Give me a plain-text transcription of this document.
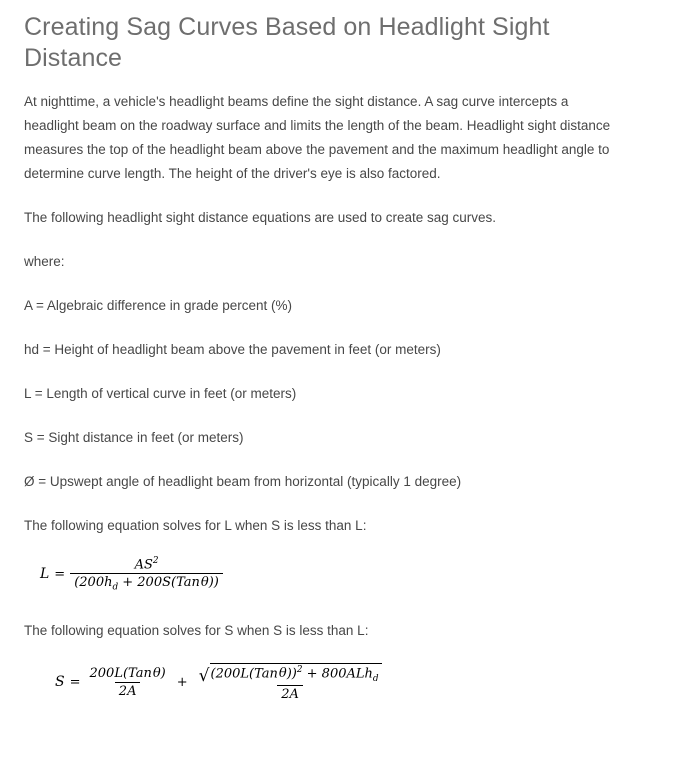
Creating Sag Curves Based on Headlight Sight Distance

At nighttime, a vehicle's headlight beams define the sight distance. A sag curve intercepts a headlight beam on the roadway surface and limits the length of the beam. Headlight sight distance measures the top of the headlight beam above the pavement and the maximum headlight angle to determine curve length. The height of the driver's eye is also factored.

The following headlight sight distance equations are used to create sag curves.

where:

A = Algebraic difference in grade percent (%)
hd = Height of headlight beam above the pavement in feet (or meters)
L = Length of vertical curve in feet (or meters)
S = Sight distance in feet (or meters)
Ø = Upswept angle of headlight beam from horizontal (typically 1 degree)

The following equation solves for L when S is less than L:

$L = \frac{AS^2}{(200h_d + 200S(Tan\theta))}$

The following equation solves for S when S is less than L:

$S = \frac{\text{200L(Tanθ)}}{2A} + \frac{√ (200L(Tan\theta))^2 + 800ALh_d}{2A}$
